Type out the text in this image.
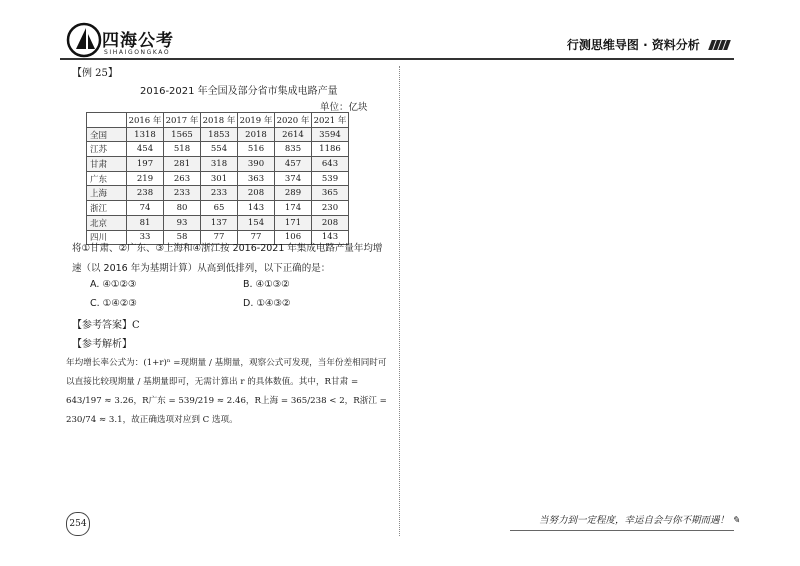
四海公考
SIHAIGONGKAO
行测思维导图 · 资料分析
【例 25】
2016-2021 年全国及部分省市集成电路产量
单位：亿块
	2016 年	2017 年	2018 年	2019 年	2020 年	2021 年
全国	1318	1565	1853	2018	2614	3594
江苏	454	518	554	516	835	1186
甘肃	197	281	318	390	457	643
广东	219	263	301	363	374	539
上海	238	233	233	208	289	365
浙江	74	80	65	143	174	230
北京	81	93	137	154	171	208
四川	33	58	77	77	106	143
将①甘肃、②广东、③上海和④浙江按 2016-2021 年集成电路产量年均增速（以 2016 年为基期计算）从高到低排列，以下正确的是：
A. ④①②③	B. ④①③②
C. ①④②③	D. ①④③②
【参考答案】C
【参考解析】
年均增长率公式为：(1+r)ⁿ =现期量 / 基期量，观察公式可发现，当年份差相同时可以直接比较现期量 / 基期量即可，无需计算出 r 的具体数值。其中，R甘肃 = 643/197 ≈ 3.26，R广东 = 539/219 ≈ 2.46，R上海 = 365/238 < 2，R浙江 = 230/74 ≈ 3.1，故正确选项对应到 C 选项。
254	当努力到一定程度，幸运自会与你不期而遇！ ✎
